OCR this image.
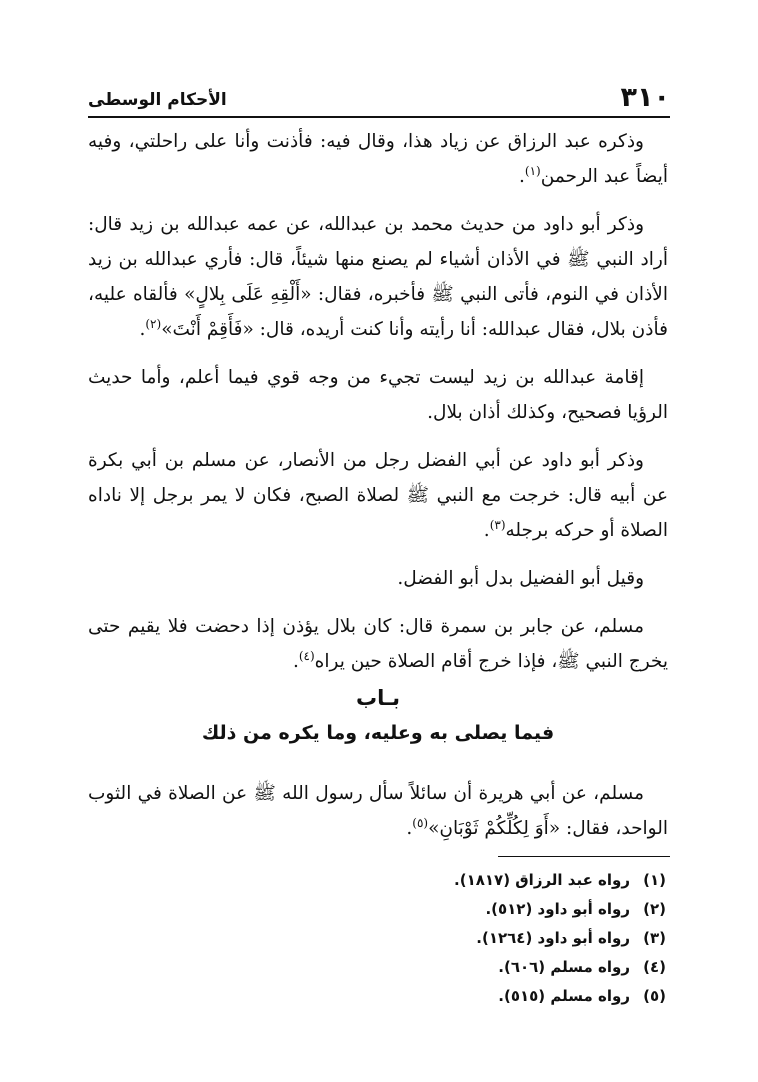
٣١٠
الأحكام الوسطى

وذكره عبد الرزاق عن زياد هذا، وقال فيه: فأذنت وأنا على راحلتي، وفيه أيضاً عبد الرحمن$^{(١)}$.

وذكر أبو داود من حديث محمد بن عبدالله، عن عمه عبدالله بن زيد قال: أراد النبي ﷺ في الأذان أشياء لم يصنع منها شيئاً، قال: فأري عبدالله بن زيد الأذان في النوم، فأتى النبي ﷺ فأخبره، فقال: «أَلْقِهِ عَلَى بِلالٍ» فألقاه عليه، فأذن بلال، فقال عبدالله: أنا رأيته وأنا كنت أريده، قال: «فَأَقِمْ أَنْتَ»$^{(٢)}$.

إقامة عبدالله بن زيد ليست تجيء من وجه قوي فيما أعلم، وأما حديث الرؤيا فصحيح، وكذلك أذان بلال.

وذكر أبو داود عن أبي الفضل رجل من الأنصار، عن مسلم بن أبي بكرة عن أبيه قال: خرجت مع النبي ﷺ لصلاة الصبح، فكان لا يمر برجل إلا ناداه الصلاة أو حركه برجله$^{(٣)}$.

وقيل أبو الفضيل بدل أبو الفضل.

مسلم، عن جابر بن سمرة قال: كان بلال يؤذن إذا دحضت فلا يقيم حتى يخرج النبي ﷺ، فإذا خرج أقام الصلاة حين يراه$^{(٤)}$.

بـاب
فيما يصلى به وعليه، وما يكره من ذلك

مسلم، عن أبي هريرة أن سائلاً سأل رسول الله ﷺ عن الصلاة في الثوب الواحد، فقال: «أَوَ لِكُلِّكُمْ ثَوْبَانِ»$^{(٥)}$.

(١)
رواه عبد الرزاق (١٨١٧).
(٢)
رواه أبو داود (٥١٢).
(٣)
رواه أبو داود (١٢٦٤).
(٤)
رواه مسلم (٦٠٦).
(٥)
رواه مسلم (٥١٥).
